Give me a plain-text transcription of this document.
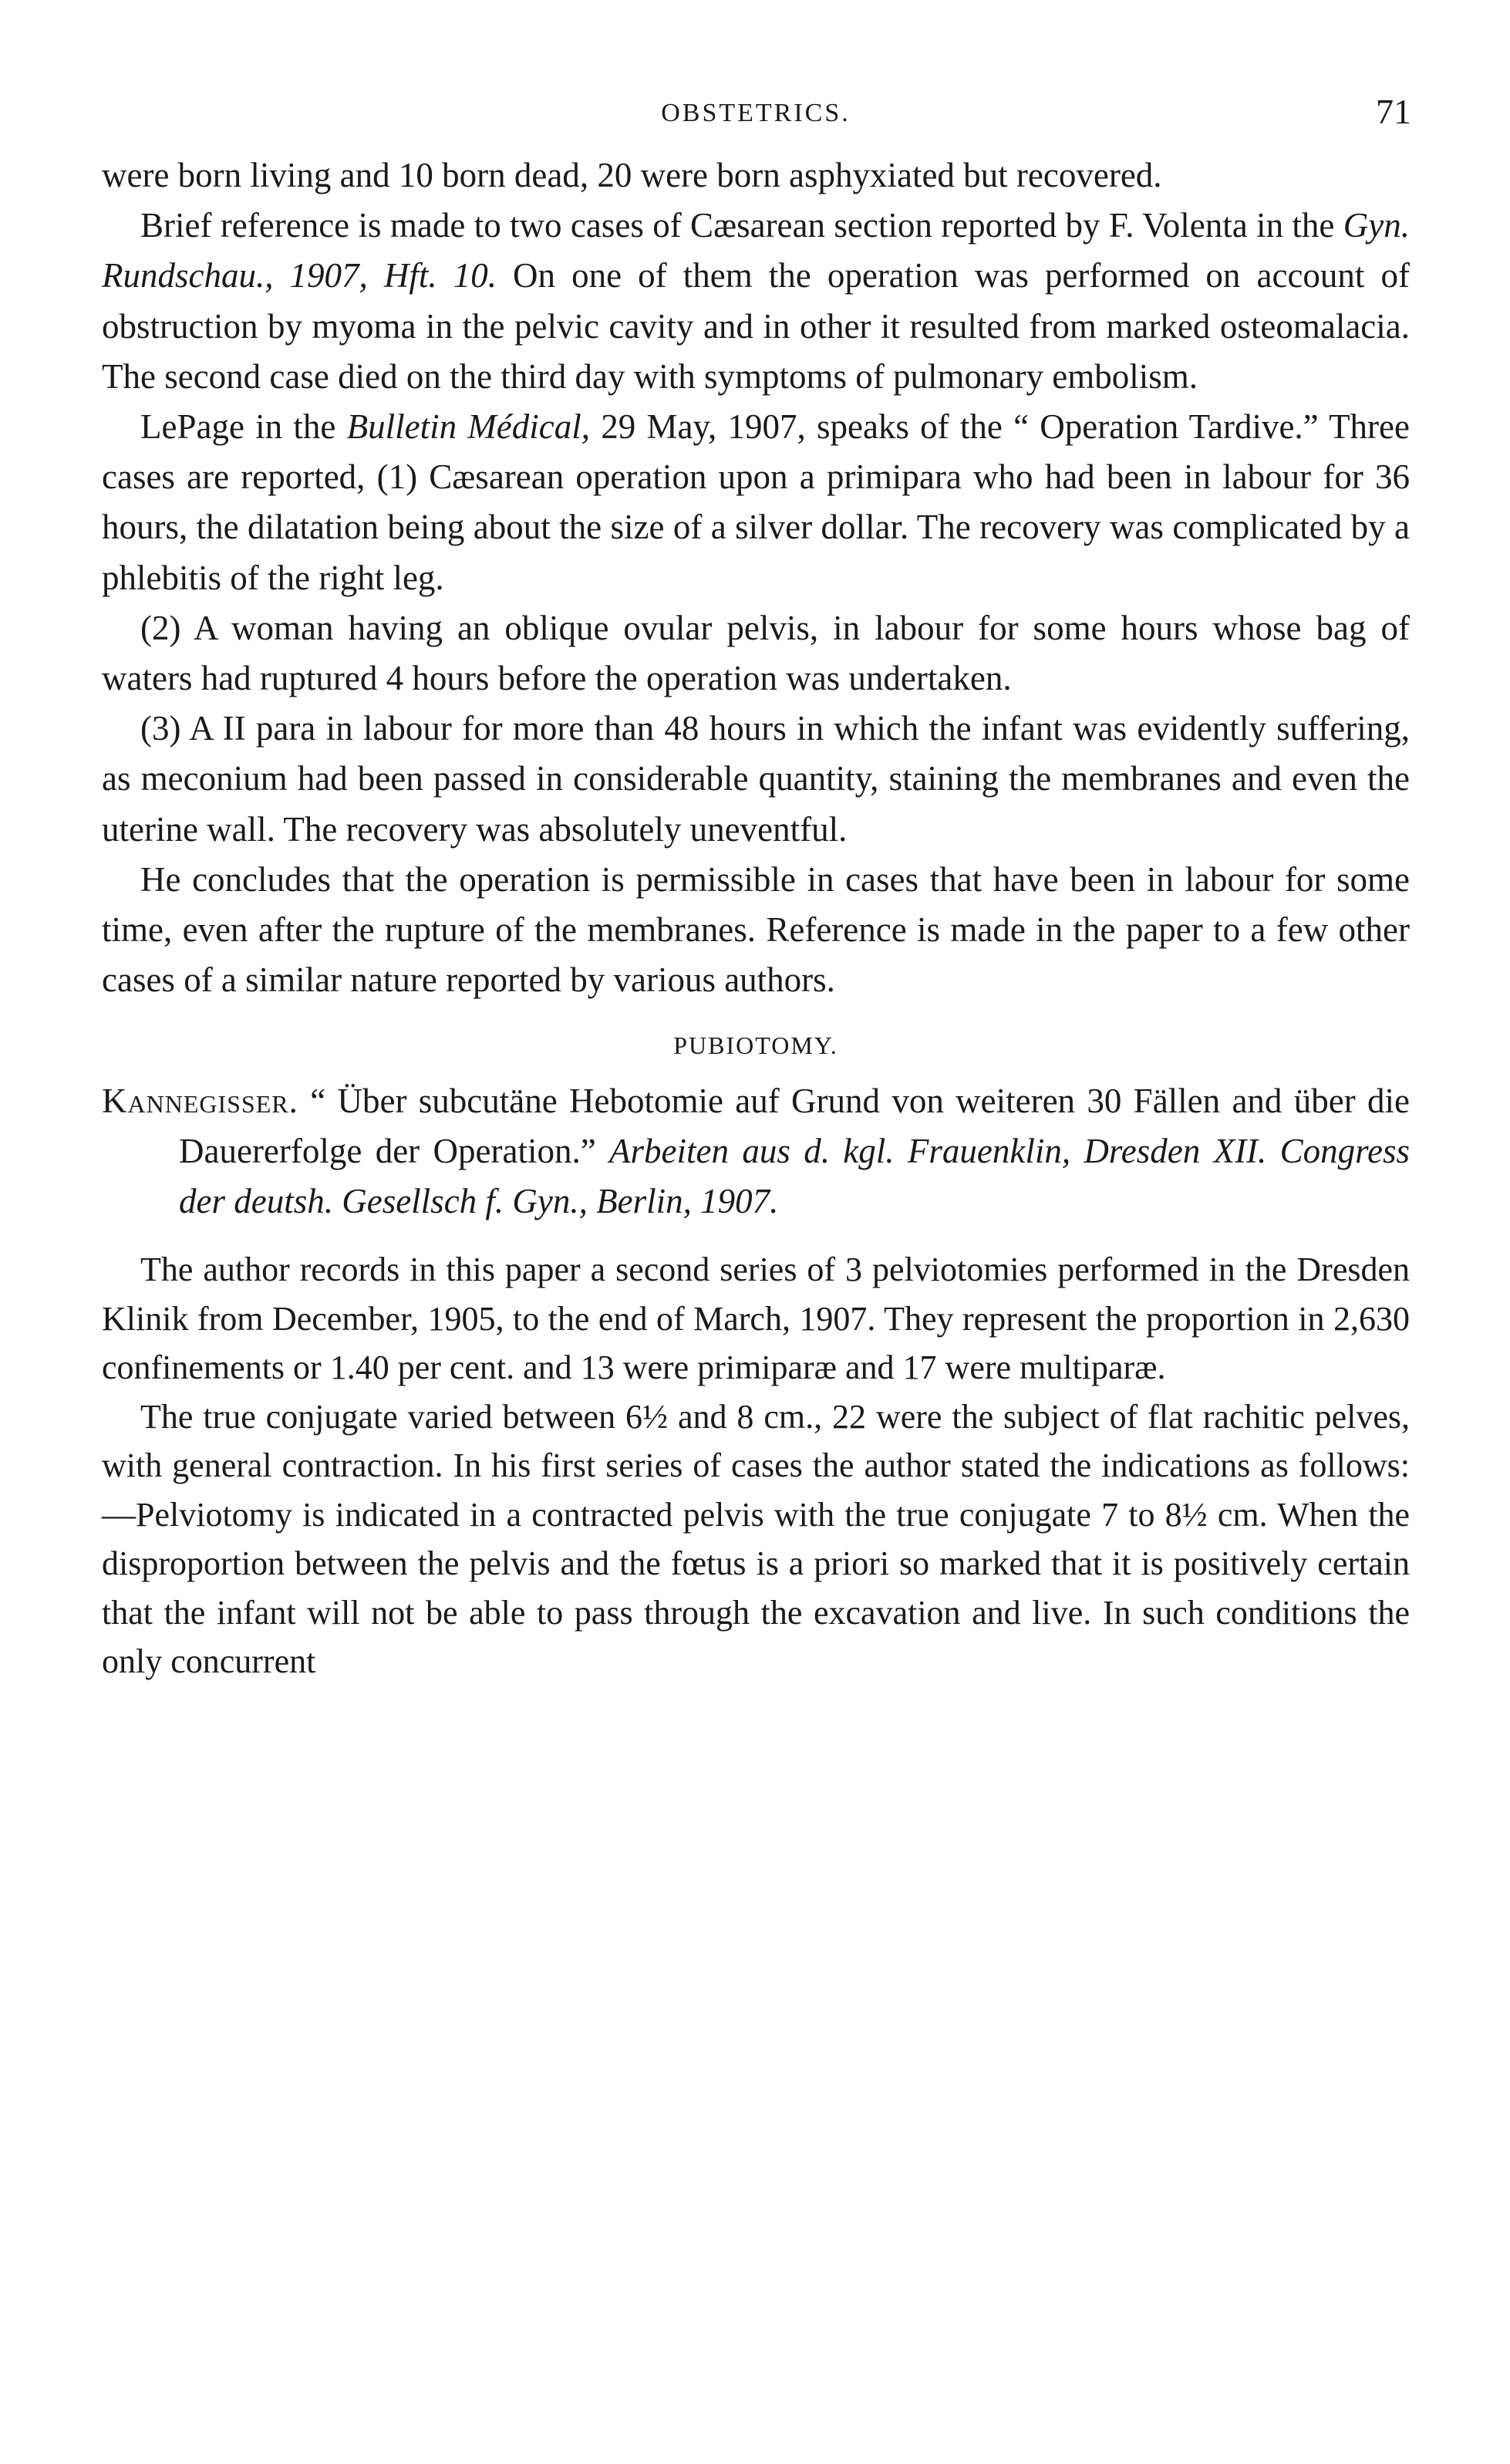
OBSTETRICS.	71

were born living and 10 born dead, 20 were born asphyxiated but recovered.

Brief reference is made to two cases of Cæsarean section reported by F. Volenta in the Gyn. Rundschau., 1907, Hft. 10. On one of them the operation was performed on account of obstruction by myoma in the pelvic cavity and in other it resulted from marked osteomalacia. The second case died on the third day with symptoms of pulmonary embolism.

LePage in the Bulletin Médical, 29 May, 1907, speaks of the “ Operation Tardive.” Three cases are reported, (1) Cæsarean operation upon a primipara who had been in labour for 36 hours, the dilatation being about the size of a silver dollar. The recovery was complicated by a phlebitis of the right leg.

(2) A woman having an oblique ovular pelvis, in labour for some hours whose bag of waters had ruptured 4 hours before the operation was undertaken.

(3) A II para in labour for more than 48 hours in which the infant was evidently suffering, as meconium had been passed in considerable quantity, staining the membranes and even the uterine wall. The recovery was absolutely uneventful.

He concludes that the operation is permissible in cases that have been in labour for some time, even after the rupture of the membranes. Reference is made in the paper to a few other cases of a similar nature reported by various authors.

PUBIOTOMY.

Kannegisser. “ Über subcutäne Hebotomie auf Grund von weiteren 30 Fällen and über die Dauererfolge der Operation.” Arbeiten aus d. kgl. Frauenklin, Dresden XII. Congress der deutsh. Gesellsch f. Gyn., Berlin, 1907.

The author records in this paper a second series of 3 pelviotomies performed in the Dresden Klinik from December, 1905, to the end of March, 1907. They represent the proportion in 2,630 confinements or 1.40 per cent. and 13 were primiparæ and 17 were multiparæ.

The true conjugate varied between 6½ and 8 cm., 22 were the subject of flat rachitic pelves, with general contraction. In his first series of cases the author stated the indications as follows:—Pelviotomy is indicated in a contracted pelvis with the true conjugate 7 to 8½ cm. When the disproportion between the pelvis and the fœtus is a priori so marked that it is positively certain that the infant will not be able to pass through the excavation and live. In such conditions the only concurrent
